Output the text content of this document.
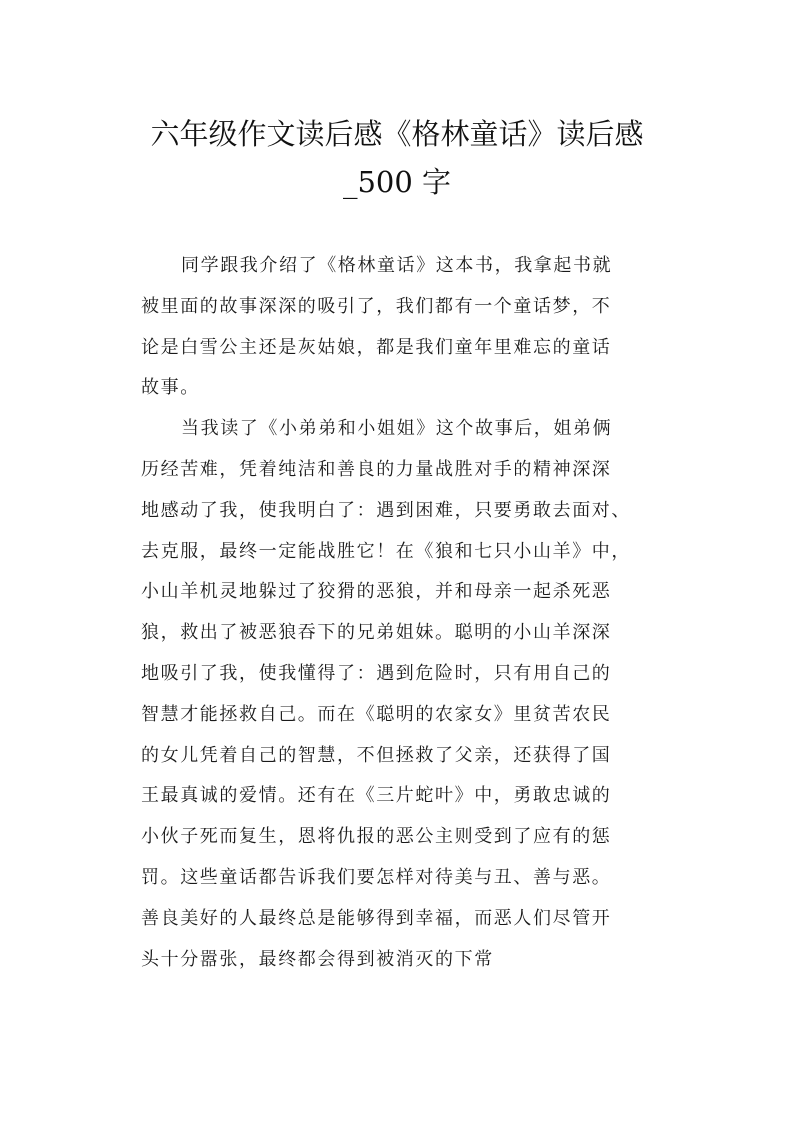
六年级作文读后感《格林童话》读后感
_500 字
同学跟我介绍了《格林童话》这本书，我拿起书就
被里面的故事深深的吸引了，我们都有一个童话梦，不
论是白雪公主还是灰姑娘，都是我们童年里难忘的童话
故事。
当我读了《小弟弟和小姐姐》这个故事后，姐弟俩
历经苦难，凭着纯洁和善良的力量战胜对手的精神深深
地感动了我，使我明白了：遇到困难，只要勇敢去面对、
去克服，最终一定能战胜它！在《狼和七只小山羊》中，
小山羊机灵地躲过了狡猾的恶狼，并和母亲一起杀死恶
狼，救出了被恶狼吞下的兄弟姐妹。聪明的小山羊深深
地吸引了我，使我懂得了：遇到危险时，只有用自己的
智慧才能拯救自己。而在《聪明的农家女》里贫苦农民
的女儿凭着自己的智慧，不但拯救了父亲，还获得了国
王最真诚的爱情。还有在《三片蛇叶》中，勇敢忠诚的
小伙子死而复生，恩将仇报的恶公主则受到了应有的惩
罚。这些童话都告诉我们要怎样对待美与丑、善与恶。
善良美好的人最终总是能够得到幸福，而恶人们尽管开
头十分嚣张，最终都会得到被消灭的下常
